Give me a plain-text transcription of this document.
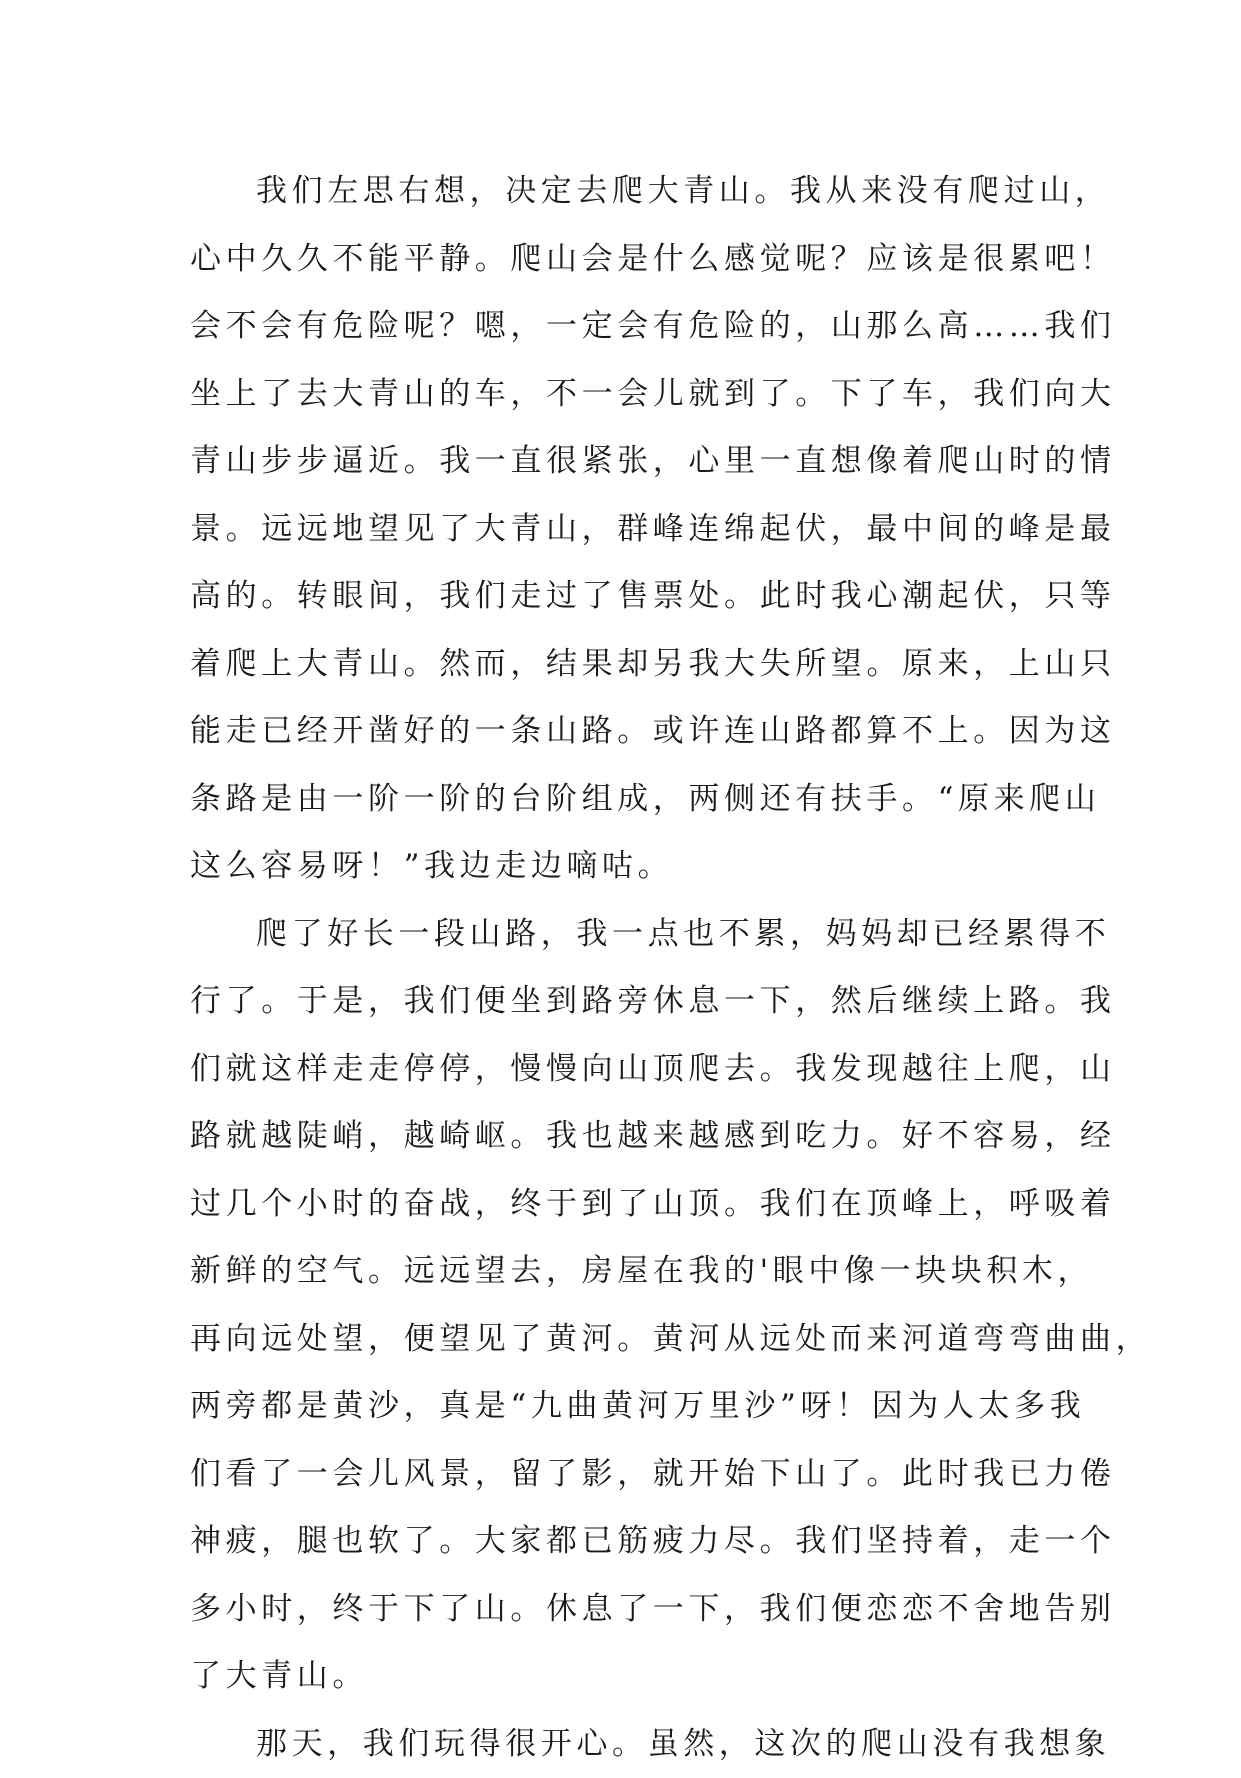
我们左思右想，决定去爬大青山。我从来没有爬过山，
心中久久不能平静。爬山会是什么感觉呢？应该是很累吧！
会不会有危险呢？嗯，一定会有危险的，山那么高……我们
坐上了去大青山的车，不一会儿就到了。下了车，我们向大
青山步步逼近。我一直很紧张，心里一直想像着爬山时的情
景。远远地望见了大青山，群峰连绵起伏，最中间的峰是最
高的。转眼间，我们走过了售票处。此时我心潮起伏，只等
着爬上大青山。然而，结果却另我大失所望。原来，上山只
能走已经开凿好的一条山路。或许连山路都算不上。因为这
条路是由一阶一阶的台阶组成，两侧还有扶手。“原来爬山
这么容易呀！”我边走边嘀咕。
爬了好长一段山路，我一点也不累，妈妈却已经累得不
行了。于是，我们便坐到路旁休息一下，然后继续上路。我
们就这样走走停停，慢慢向山顶爬去。我发现越往上爬，山
路就越陡峭，越崎岖。我也越来越感到吃力。好不容易，经
过几个小时的奋战，终于到了山顶。我们在顶峰上，呼吸着
新鲜的空气。远远望去，房屋在我的'眼中像一块块积木，
再向远处望，便望见了黄河。黄河从远处而来河道弯弯曲曲，
两旁都是黄沙，真是“九曲黄河万里沙”呀！因为人太多我
们看了一会儿风景，留了影，就开始下山了。此时我已力倦
神疲，腿也软了。大家都已筋疲力尽。我们坚持着，走一个
多小时，终于下了山。休息了一下，我们便恋恋不舍地告别
了大青山。
那天，我们玩得很开心。虽然，这次的爬山没有我想象
